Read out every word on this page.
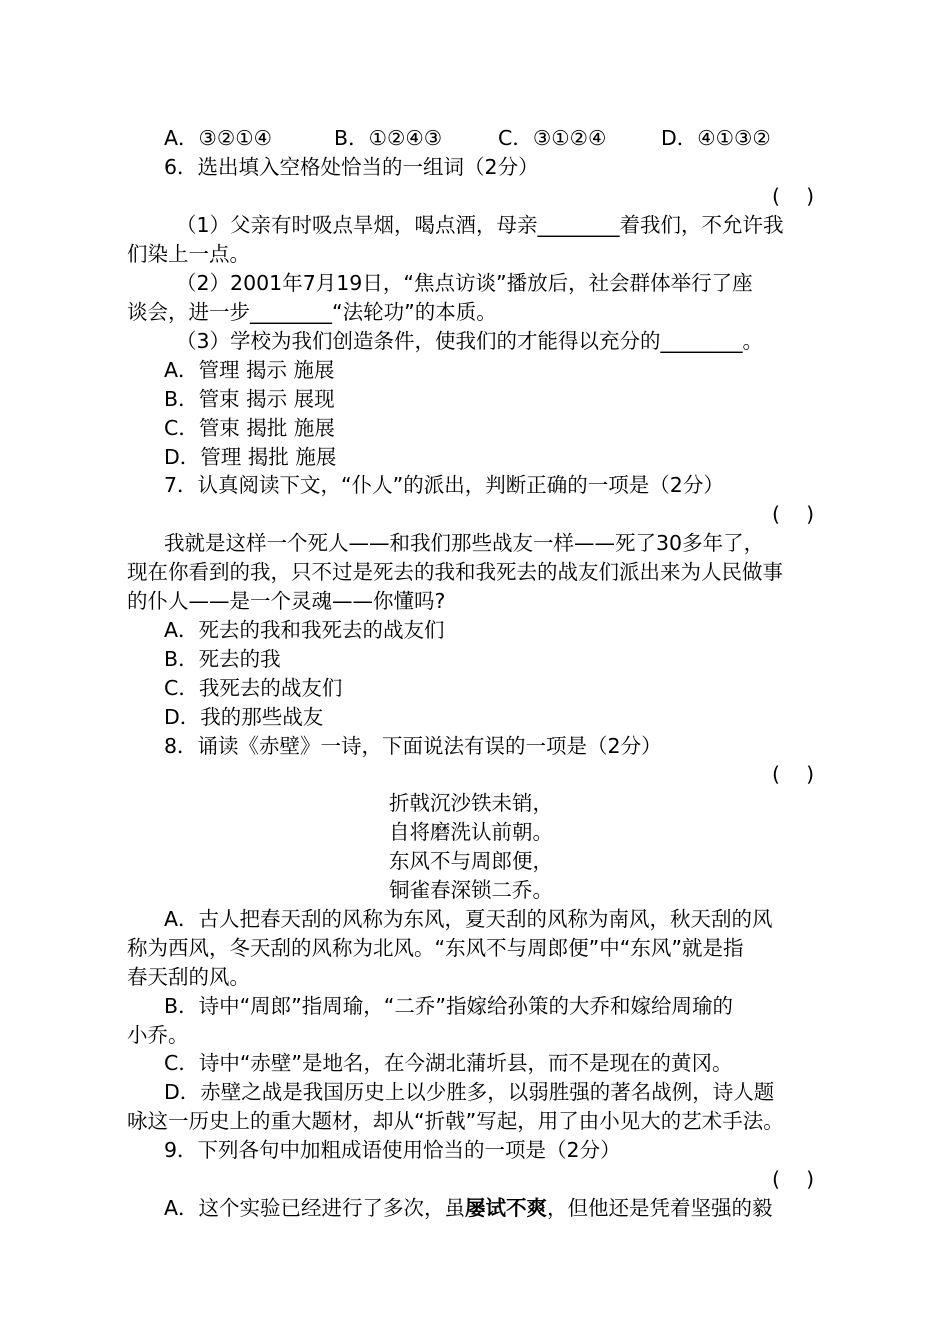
A．③②①④	B．①②④③	C．③①②④	D．④①③②
6．选出填入空格处恰当的一组词（2分）
(    )
（1）父亲有时吸点旱烟，喝点酒，母亲________着我们，不允许我
们染上一点。
（2）2001年7月19日，“焦点访谈”播放后，社会群体举行了座
谈会，进一步________“法轮功”的本质。
（3）学校为我们创造条件，使我们的才能得以充分的________。
A．管理 揭示 施展
B．管束 揭示 展现
C．管束 揭批 施展
D．管理 揭批 施展
7．认真阅读下文，“仆人”的派出，判断正确的一项是（2分）
(    )
我就是这样一个死人——和我们那些战友一样——死了30多年了，
现在你看到的我，只不过是死去的我和我死去的战友们派出来为人民做事
的仆人——是一个灵魂——你懂吗?
A．死去的我和我死去的战友们
B．死去的我
C．我死去的战友们
D．我的那些战友
8．诵读《赤壁》一诗，下面说法有误的一项是（2分）
(    )
折戟沉沙铁未销，
自将磨洗认前朝。
东风不与周郎便，
铜雀春深锁二乔。
A．古人把春天刮的风称为东风，夏天刮的风称为南风，秋天刮的风
称为西风，冬天刮的风称为北风。“东风不与周郎便”中“东风”就是指
春天刮的风。
B．诗中“周郎”指周瑜，“二乔”指嫁给孙策的大乔和嫁给周瑜的
小乔。
C．诗中“赤壁”是地名，在今湖北蒲圻县，而不是现在的黄冈。
D．赤壁之战是我国历史上以少胜多，以弱胜强的著名战例，诗人题
咏这一历史上的重大题材，却从“折戟”写起，用了由小见大的艺术手法。
9．下列各句中加粗成语使用恰当的一项是（2分）
(    )
A．这个实验已经进行了多次，虽屡试不爽，但他还是凭着坚强的毅
